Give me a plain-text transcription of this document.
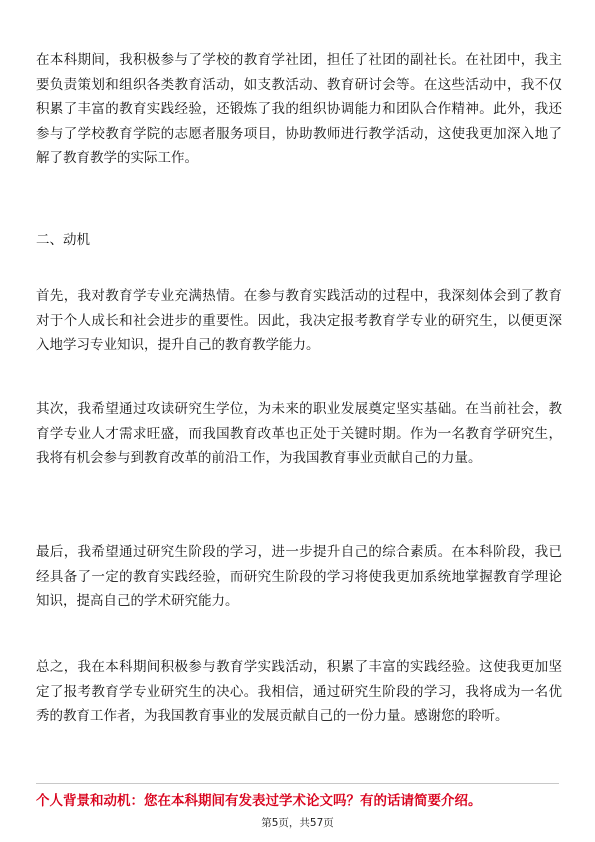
在本科期间，我积极参与了学校的教育学社团，担任了社团的副社长。在社团中，我主要负责策划和组织各类教育活动，如支教活动、教育研讨会等。在这些活动中，我不仅积累了丰富的教育实践经验，还锻炼了我的组织协调能力和团队合作精神。此外，我还参与了学校教育学院的志愿者服务项目，协助教师进行教学活动，这使我更加深入地了解了教育教学的实际工作。

二、动机

首先，我对教育学专业充满热情。在参与教育实践活动的过程中，我深刻体会到了教育对于个人成长和社会进步的重要性。因此，我决定报考教育学专业的研究生，以便更深入地学习专业知识，提升自己的教育教学能力。

其次，我希望通过攻读研究生学位，为未来的职业发展奠定坚实基础。在当前社会，教育学专业人才需求旺盛，而我国教育改革也正处于关键时期。作为一名教育学研究生，我将有机会参与到教育改革的前沿工作，为我国教育事业贡献自己的力量。

最后，我希望通过研究生阶段的学习，进一步提升自己的综合素质。在本科阶段，我已经具备了一定的教育实践经验，而研究生阶段的学习将使我更加系统地掌握教育学理论知识，提高自己的学术研究能力。

总之，我在本科期间积极参与教育学实践活动，积累了丰富的实践经验。这使我更加坚定了报考教育学专业研究生的决心。我相信，通过研究生阶段的学习，我将成为一名优秀的教育工作者，为我国教育事业的发展贡献自己的一份力量。感谢您的聆听。

个人背景和动机：您在本科期间有发表过学术论文吗？有的话请简要介绍。
第5页，共57页
